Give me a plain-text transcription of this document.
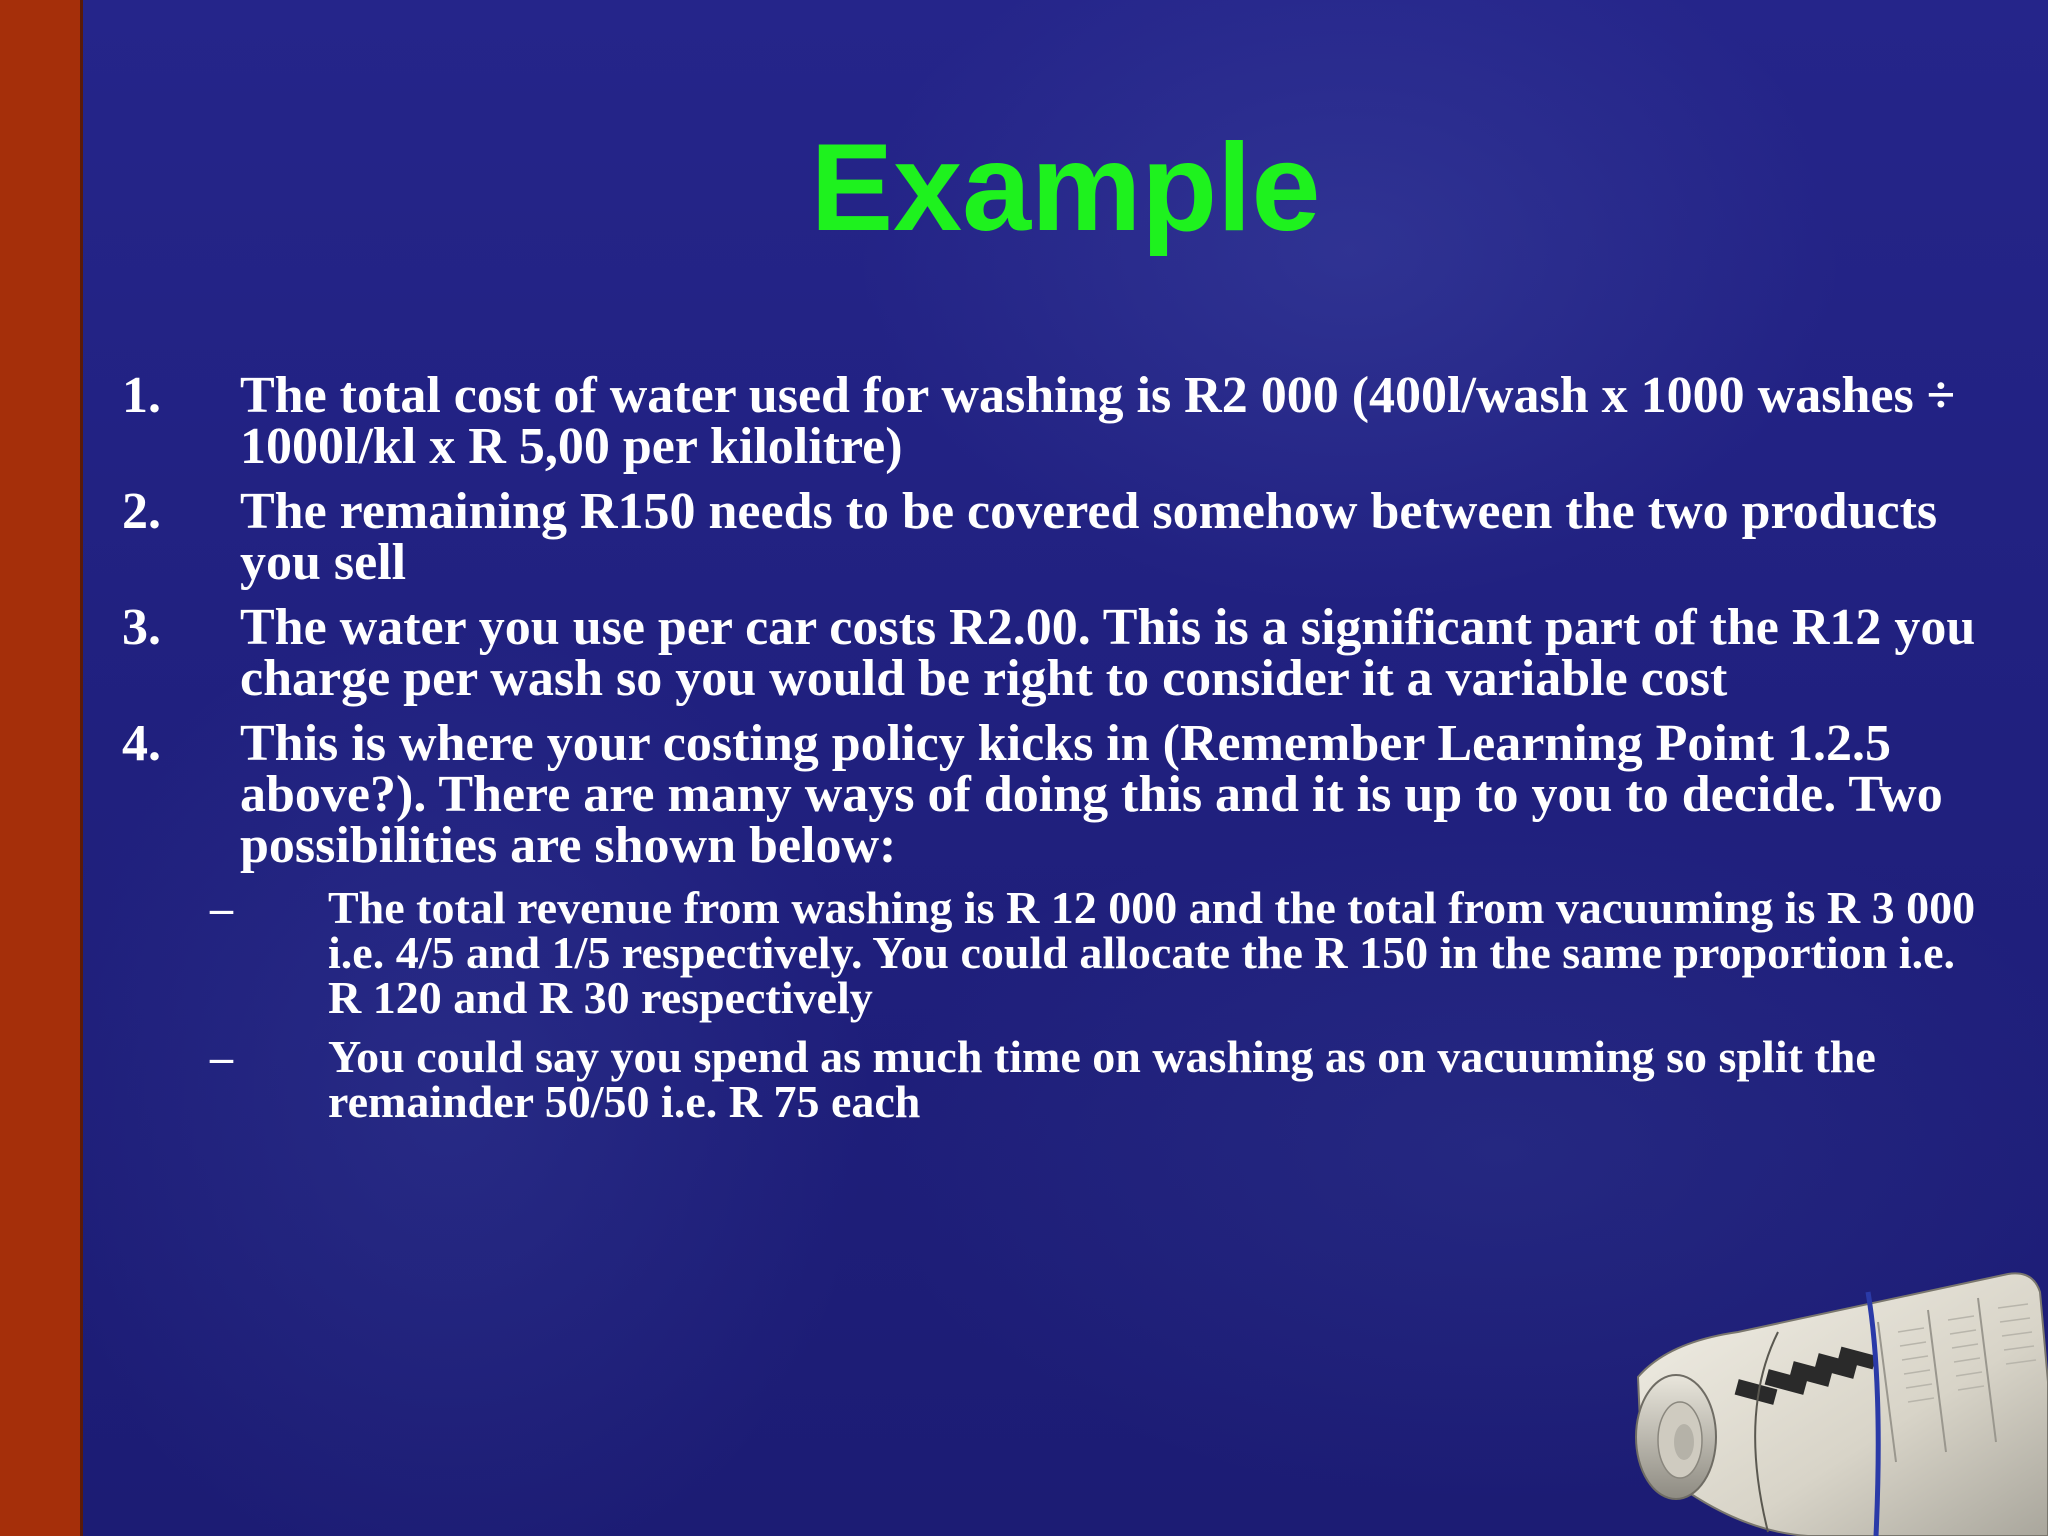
Example
1.	The total cost of water used for washing is R2 000 (400l/wash x 1000 washes ÷ 1000l/kl x R 5,00 per kilolitre)
2.	The remaining R150 needs to be covered somehow between the two products you sell
3.	The water you use per car costs R2.00. This is a significant part of the R12 you charge per wash so you would be right to consider it a variable cost
4.	This is where your costing policy kicks in (Remember Learning Point 1.2.5 above?). There are many ways of doing this and it is up to you to decide. Two possibilities are shown below:
–	The total revenue from washing is R 12 000 and the total from vacuuming is R 3 000 i.e. 4/5 and 1/5 respectively. You could allocate the R 150 in the same proportion i.e. R 120 and R 30 respectively
–	You could say you spend as much time on washing as on vacuuming so split the remainder 50/50 i.e. R 75 each
